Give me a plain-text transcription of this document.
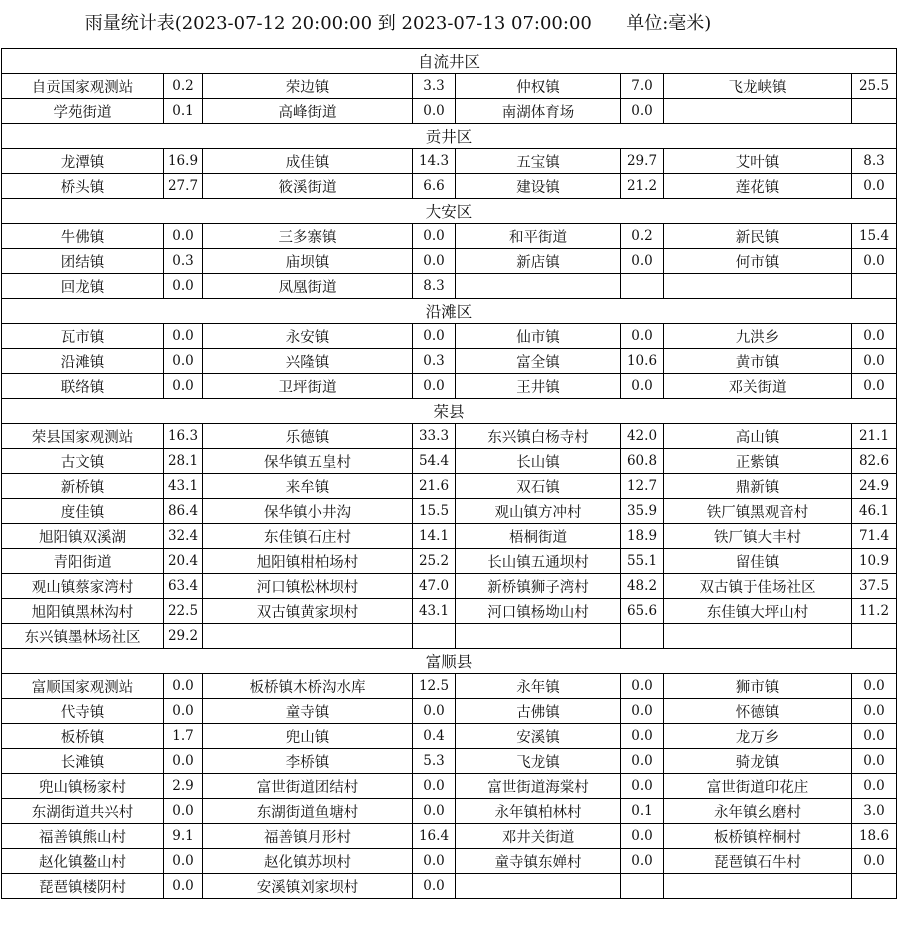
雨量统计表(2023-07-12 20:00:00 到 2023-07-13 07:00:00      单位:毫米)
自流井区							
自贡国家观测站	0.2	荣边镇	3.3	仲权镇	7.0	飞龙峡镇	25.5
学苑街道	0.1	高峰街道	0.0	南湖体育场	0.0		
贡井区							
龙潭镇	16.9	成佳镇	14.3	五宝镇	29.7	艾叶镇	8.3
桥头镇	27.7	筱溪街道	6.6	建设镇	21.2	莲花镇	0.0
大安区							
牛佛镇	0.0	三多寨镇	0.0	和平街道	0.2	新民镇	15.4
团结镇	0.3	庙坝镇	0.0	新店镇	0.0	何市镇	0.0
回龙镇	0.0	凤凰街道	8.3				
沿滩区							
瓦市镇	0.0	永安镇	0.0	仙市镇	0.0	九洪乡	0.0
沿滩镇	0.0	兴隆镇	0.3	富全镇	10.6	黄市镇	0.0
联络镇	0.0	卫坪街道	0.0	王井镇	0.0	邓关街道	0.0
荣县							
荣县国家观测站	16.3	乐德镇	33.3	东兴镇白杨寺村	42.0	高山镇	21.1
古文镇	28.1	保华镇五皇村	54.4	长山镇	60.8	正紫镇	82.6
新桥镇	43.1	来牟镇	21.6	双石镇	12.7	鼎新镇	24.9
度佳镇	86.4	保华镇小井沟	15.5	观山镇方冲村	35.9	铁厂镇黑观音村	46.1
旭阳镇双溪湖	32.4	东佳镇石庄村	14.1	梧桐街道	18.9	铁厂镇大丰村	71.4
青阳街道	20.4	旭阳镇柑柏场村	25.2	长山镇五通坝村	55.1	留佳镇	10.9
观山镇蔡家湾村	63.4	河口镇松林坝村	47.0	新桥镇狮子湾村	48.2	双古镇于佳场社区	37.5
旭阳镇黑林沟村	22.5	双古镇黄家坝村	43.1	河口镇杨坳山村	65.6	东佳镇大坪山村	11.2
东兴镇墨林场社区	29.2						
富顺县							
富顺国家观测站	0.0	板桥镇木桥沟水库	12.5	永年镇	0.0	狮市镇	0.0
代寺镇	0.0	童寺镇	0.0	古佛镇	0.0	怀德镇	0.0
板桥镇	1.7	兜山镇	0.4	安溪镇	0.0	龙万乡	0.0
长滩镇	0.0	李桥镇	5.3	飞龙镇	0.0	骑龙镇	0.0
兜山镇杨家村	2.9	富世街道团结村	0.0	富世街道海棠村	0.0	富世街道印花庄	0.0
东湖街道共兴村	0.0	东湖街道鱼塘村	0.0	永年镇柏林村	0.1	永年镇幺磨村	3.0
福善镇熊山村	9.1	福善镇月形村	16.4	邓井关街道	0.0	板桥镇梓桐村	18.6
赵化镇鳌山村	0.0	赵化镇苏坝村	0.0	童寺镇东婵村	0.0	琵琶镇石牛村	0.0
琵琶镇楼阴村	0.0	安溪镇刘家坝村	0.0				
